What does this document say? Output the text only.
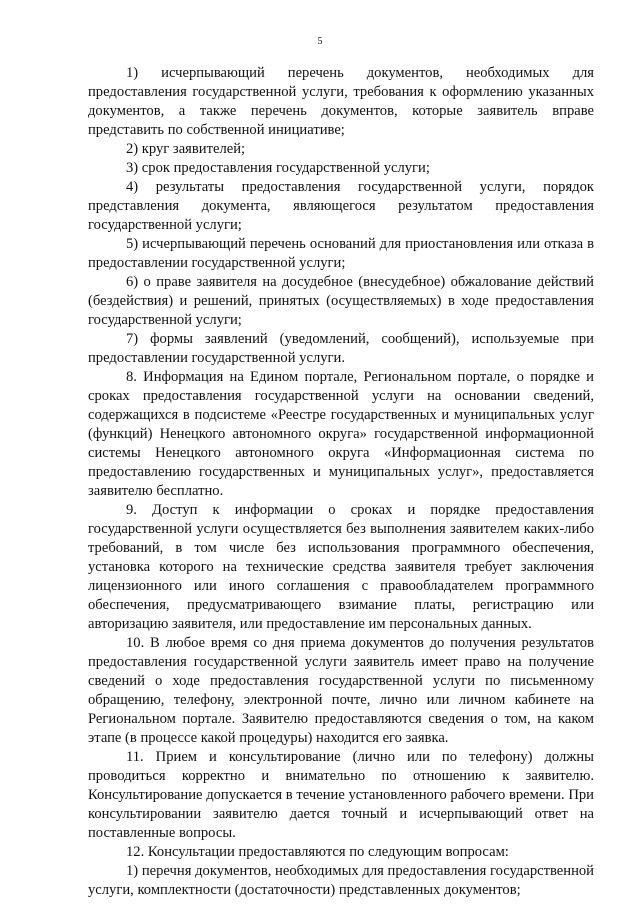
5

1) исчерпывающий перечень документов, необходимых для предоставления государственной услуги, требования к оформлению указанных документов, а также перечень документов, которые заявитель вправе представить по собственной инициативе;

2) круг заявителей;

3) срок предоставления государственной услуги;

4) результаты предоставления государственной услуги, порядок представления документа, являющегося результатом предоставления государственной услуги;

5) исчерпывающий перечень оснований для приостановления или отказа в предоставлении государственной услуги;

6) о праве заявителя на досудебное (внесудебное) обжалование действий (бездействия) и решений, принятых (осуществляемых) в ходе предоставления государственной услуги;

7) формы заявлений (уведомлений, сообщений), используемые при предоставлении государственной услуги.

8. Информация на Едином портале, Региональном портале, о порядке и сроках предоставления государственной услуги на основании сведений, содержащихся в подсистеме «Реестре государственных и муниципальных услуг (функций) Ненецкого автономного округа» государственной информационной системы Ненецкого автономного округа «Информационная система по предоставлению государственных и муниципальных услуг», предоставляется заявителю бесплатно.

9. Доступ к информации о сроках и порядке предоставления государственной услуги осуществляется без выполнения заявителем каких-либо требований, в том числе без использования программного обеспечения, установка которого на технические средства заявителя требует заключения лицензионного или иного соглашения с правообладателем программного обеспечения, предусматривающего взимание платы, регистрацию или авторизацию заявителя, или предоставление им персональных данных.

10. В любое время со дня приема документов до получения результатов предоставления государственной услуги заявитель имеет право на получение сведений о ходе предоставления государственной услуги по письменному обращению, телефону, электронной почте, лично или личном кабинете на Региональном портале. Заявителю предоставляются сведения о том, на каком этапе (в процессе какой процедуры) находится его заявка.

11. Прием и консультирование (лично или по телефону) должны проводиться корректно и внимательно по отношению к заявителю. Консультирование допускается в течение установленного рабочего времени. При консультировании заявителю дается точный и исчерпывающий ответ на поставленные вопросы.

12. Консультации предоставляются по следующим вопросам:

1) перечня документов, необходимых для предоставления государственной услуги, комплектности (достаточности) представленных документов;
